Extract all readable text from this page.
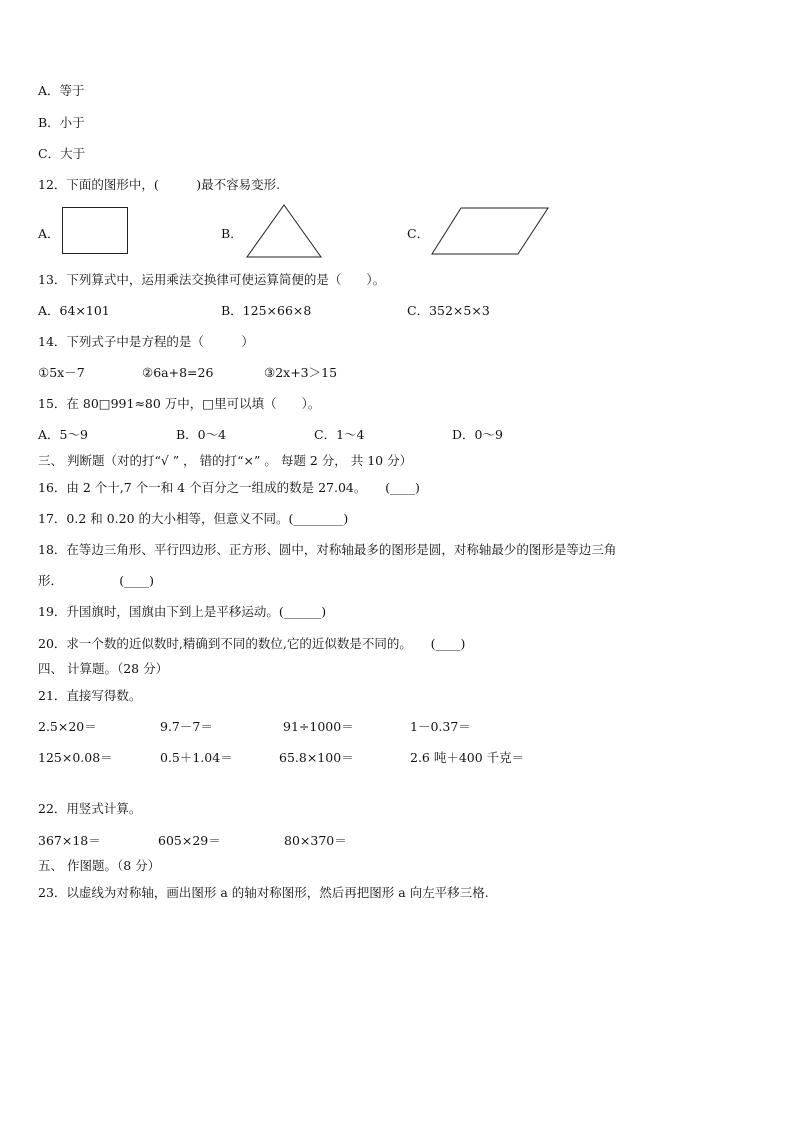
A．等于
B．小于
C．大于
12．下面的图形中，(　　　)最不容易变形.
A．	B．	C．
13．下列算式中，运用乘法交换律可使运算简便的是（　　）。
A．64×101	B．125×66×8	C．352×5×3
14．下列式子中是方程的是（　　　）
①5x－7	②6a+8=26	③2x+3＞15
15．在 80□991≈80 万中，□里可以填（　　）。
A．5～9	B．0～4	C．1～4	D．0～9
三、 判断题（对的打“√ ” ， 错的打“×” 。 每题 2 分， 共 10 分）
16．由 2 个十,7 个一和 4 个百分之一组成的数是 27.04。　　(____)
17．0.2 和 0.20 的大小相等，但意义不同。(________)
18．在等边三角形、平行四边形、正方形、圆中，对称轴最多的图形是圆，对称轴最少的图形是等边三角
形．　　　　　(____)
19．升国旗时，国旗由下到上是平移运动。(______)
20．求一个数的近似数时,精确到不同的数位,它的近似数是不同的。　　(____)
四、 计算题。（28 分）
21．直接写得数。
2.5×20＝	9.7－7＝	91÷1000＝	1－0.37＝
125×0.08＝	0.5＋1.04＝	65.8×100＝	2.6 吨＋400 千克＝
22．用竖式计算。
367×18＝	605×29＝	80×370＝
五、 作图题。（8 分）
23．以虚线为对称轴，画出图形 a 的轴对称图形，然后再把图形 a 向左平移三格.
